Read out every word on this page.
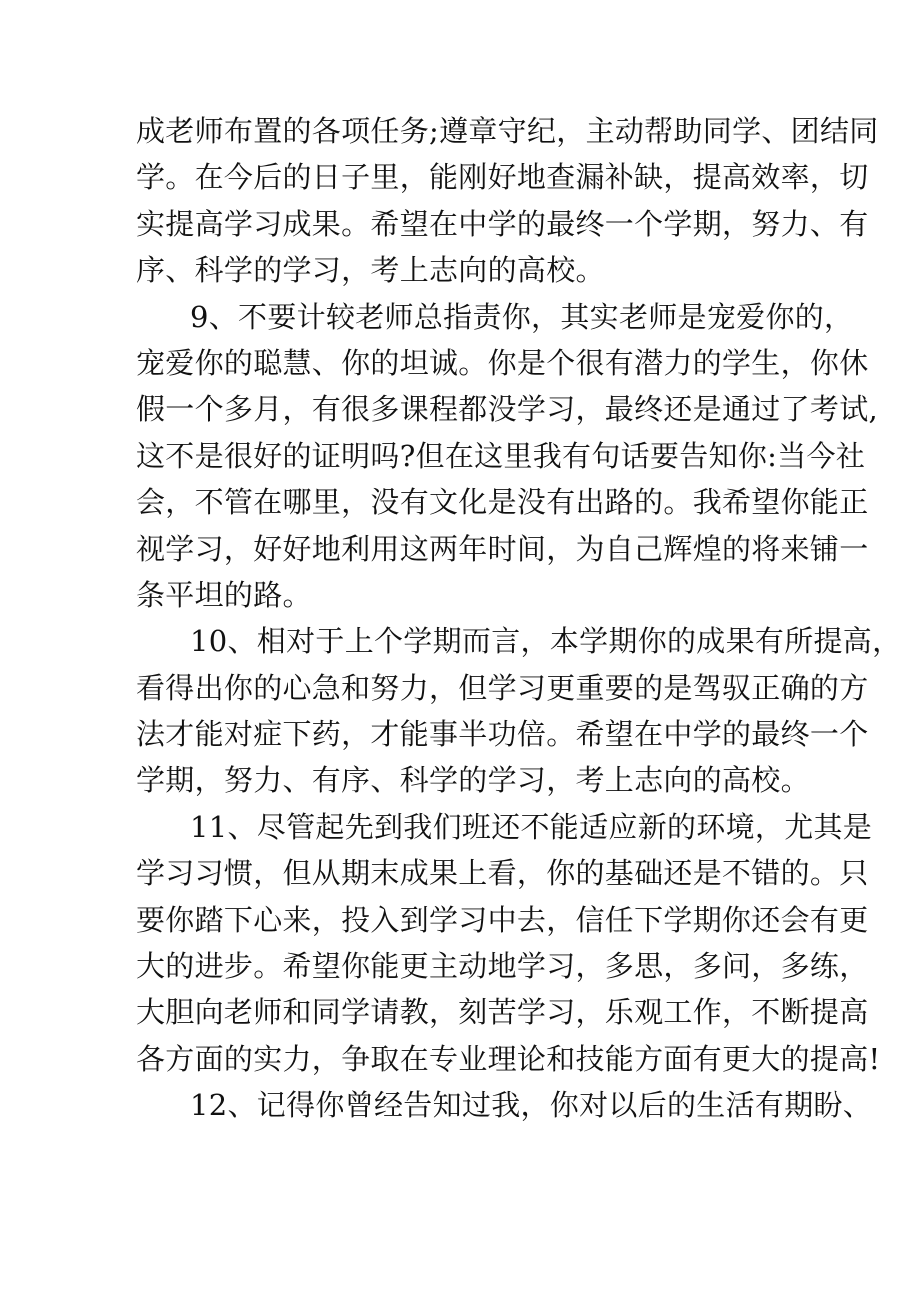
成老师布置的各项任务;遵章守纪，主动帮助同学、团结同
学。在今后的日子里，能刚好地查漏补缺，提高效率，切
实提高学习成果。希望在中学的最终一个学期，努力、有
序、科学的学习，考上志向的高校。
9、不要计较老师总指责你，其实老师是宠爱你的，
宠爱你的聪慧、你的坦诚。你是个很有潜力的学生，你休
假一个多月，有很多课程都没学习，最终还是通过了考试,
这不是很好的证明吗?但在这里我有句话要告知你:当今社
会，不管在哪里，没有文化是没有出路的。我希望你能正
视学习，好好地利用这两年时间，为自己辉煌的将来铺一
条平坦的路。
10、相对于上个学期而言，本学期你的成果有所提高，
看得出你的心急和努力，但学习更重要的是驾驭正确的方
法才能对症下药，才能事半功倍。希望在中学的最终一个
学期，努力、有序、科学的学习，考上志向的高校。
11、尽管起先到我们班还不能适应新的环境，尤其是
学习习惯，但从期末成果上看，你的基础还是不错的。只
要你踏下心来，投入到学习中去，信任下学期你还会有更
大的进步。希望你能更主动地学习，多思，多问，多练，
大胆向老师和同学请教，刻苦学习，乐观工作，不断提高
各方面的实力，争取在专业理论和技能方面有更大的提高!
12、记得你曾经告知过我，你对以后的生活有期盼、
